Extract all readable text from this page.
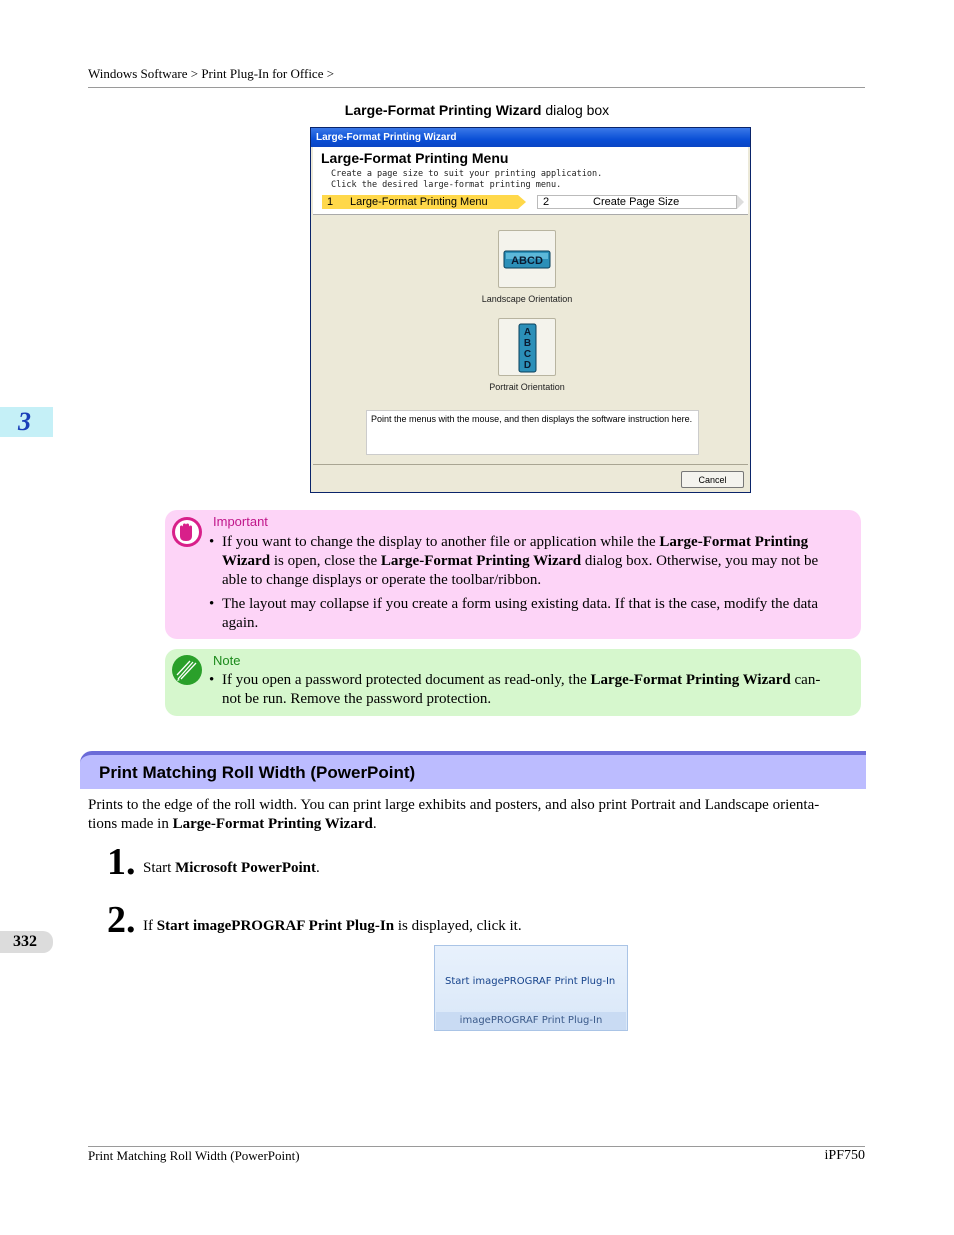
Windows Software > Print Plug-In for Office >
Large-Format Printing Wizard dialog box
Large-Format Printing Wizard
Large-Format Printing Menu
Create a page size to suit your printing application.
Click the desired large-format printing menu.
1 Large-Format Printing Menu	2	Create Page Size
ABCD
Landscape Orientation
A
B
C
D
Portrait Orientation
Point the menus with the mouse, and then displays the software instruction here.
Cancel
Important
• If you want to change the display to another file or application while the Large-Format Printing
Wizard is open, close the Large-Format Printing Wizard dialog box. Otherwise, you may not be
able to change displays or operate the toolbar/ribbon.
• The layout may collapse if you create a form using existing data. If that is the case, modify the data
again.
Note
• If you open a password protected document as read-only, the Large-Format Printing Wizard can-
not be run. Remove the password protection.
3
332
Print Matching Roll Width (PowerPoint)
Prints to the edge of the roll width. You can print large exhibits and posters, and also print Portrait and Landscape orienta-
tions made in Large-Format Printing Wizard.
1. Start Microsoft PowerPoint.
2. If Start imagePROGRAF Print Plug-In is displayed, click it.
Start imagePROGRAF Print Plug-In
imagePROGRAF Print Plug-In
Print Matching Roll Width (PowerPoint)	iPF750
